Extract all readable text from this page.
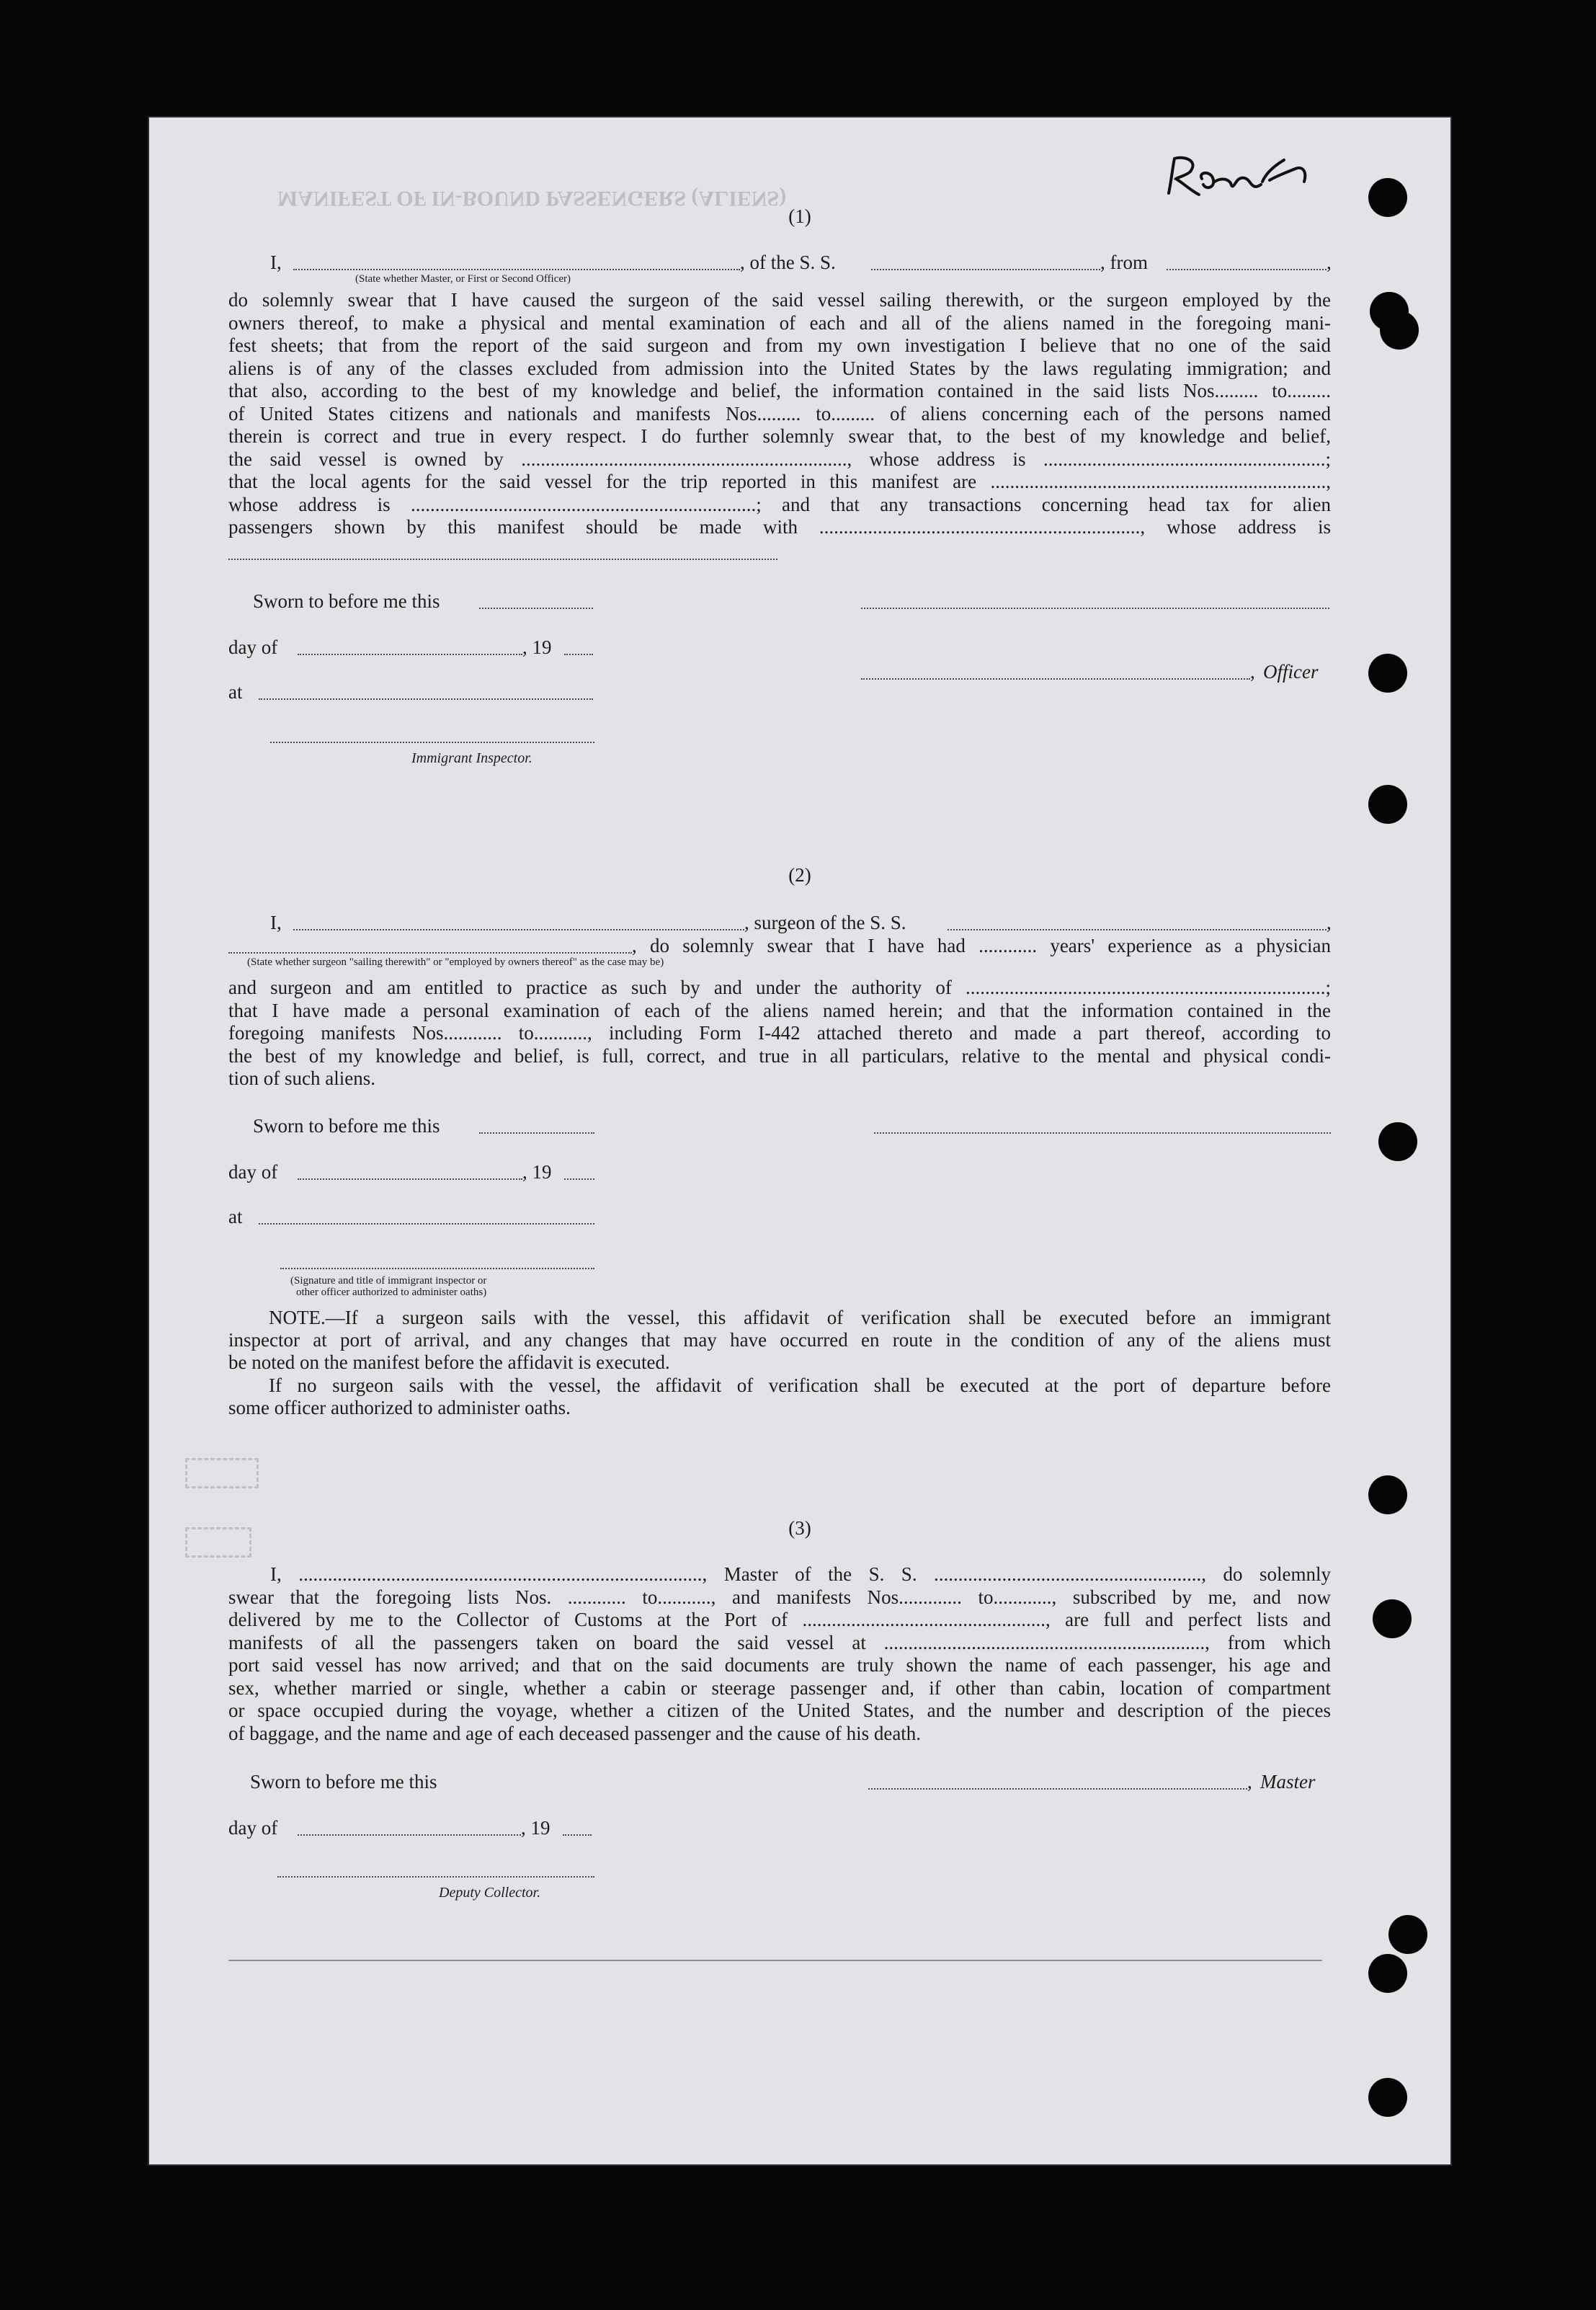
MANIFEST OF IN-BOUND PASSENGERS (ALIENS)
(1)
I,	, of the S. S.	, from	,
(State whether Master, or First or Second Officer)
do solemnly swear that I have caused the surgeon of the said vessel sailing therewith, or the surgeon employed by the
owners thereof, to make a physical and mental examination of each and all of the aliens named in the foregoing mani-
fest sheets; that from the report of the said surgeon and from my own investigation I believe that no one of the said
aliens is of any of the classes excluded from admission into the United States by the laws regulating immigration; and
that also, according to the best of my knowledge and belief, the information contained in the said lists Nos......... to.........
of United States citizens and nationals and manifests Nos......... to......... of aliens concerning each of the persons named
therein is correct and true in every respect. I do further solemnly swear that, to the best of my knowledge and belief,
the said vessel is owned by ..................................................................., whose address is ..........................................................;
that the local agents for the said vessel for the trip reported in this manifest are .....................................................................,
whose address is .......................................................................; and that any transactions concerning head tax for alien
passengers shown by this manifest should be made with .................................................................., whose address is
Sworn to before me this
day of	, 19
, Officer
at
Immigrant Inspector.
(2)
I,	, surgeon of the S. S.	,
, do solemnly swear that I have had ............ years' experience as a physician
(State whether surgeon "sailing therewith" or "employed by owners thereof" as the case may be)
and surgeon and am entitled to practice as such by and under the authority of ..........................................................................;
that I have made a personal examination of each of the aliens named herein; and that the information contained in the
foregoing manifests Nos............ to..........., including Form I-442 attached thereto and made a part thereof, according to
the best of my knowledge and belief, is full, correct, and true in all particulars, relative to the mental and physical condi-
tion of such aliens.
Sworn to before me this
day of	, 19
at
(Signature and title of immigrant inspector or
other officer authorized to administer oaths)
NOTE.—If a surgeon sails with the vessel, this affidavit of verification shall be executed before an immigrant
inspector at port of arrival, and any changes that may have occurred en route in the condition of any of the aliens must
be noted on the manifest before the affidavit is executed.
If no surgeon sails with the vessel, the affidavit of verification shall be executed at the port of departure before
some officer authorized to administer oaths.
(3)
I, ..................................................................................., Master of the S. S. ......................................................., do solemnly
swear that the foregoing lists Nos. ............ to..........., and manifests Nos............. to............, subscribed by me, and now
delivered by me to the Collector of Customs at the Port of .................................................., are full and perfect lists and
manifests of all the passengers taken on board the said vessel at .................................................................., from which
port said vessel has now arrived; and that on the said documents are truly shown the name of each passenger, his age and
sex, whether married or single, whether a cabin or steerage passenger and, if other than cabin, location of compartment
or space occupied during the voyage, whether a citizen of the United States, and the number and description of the pieces
of baggage, and the name and age of each deceased passenger and the cause of his death.
Sworn to before me this	, Master
day of	, 19
Deputy Collector.
